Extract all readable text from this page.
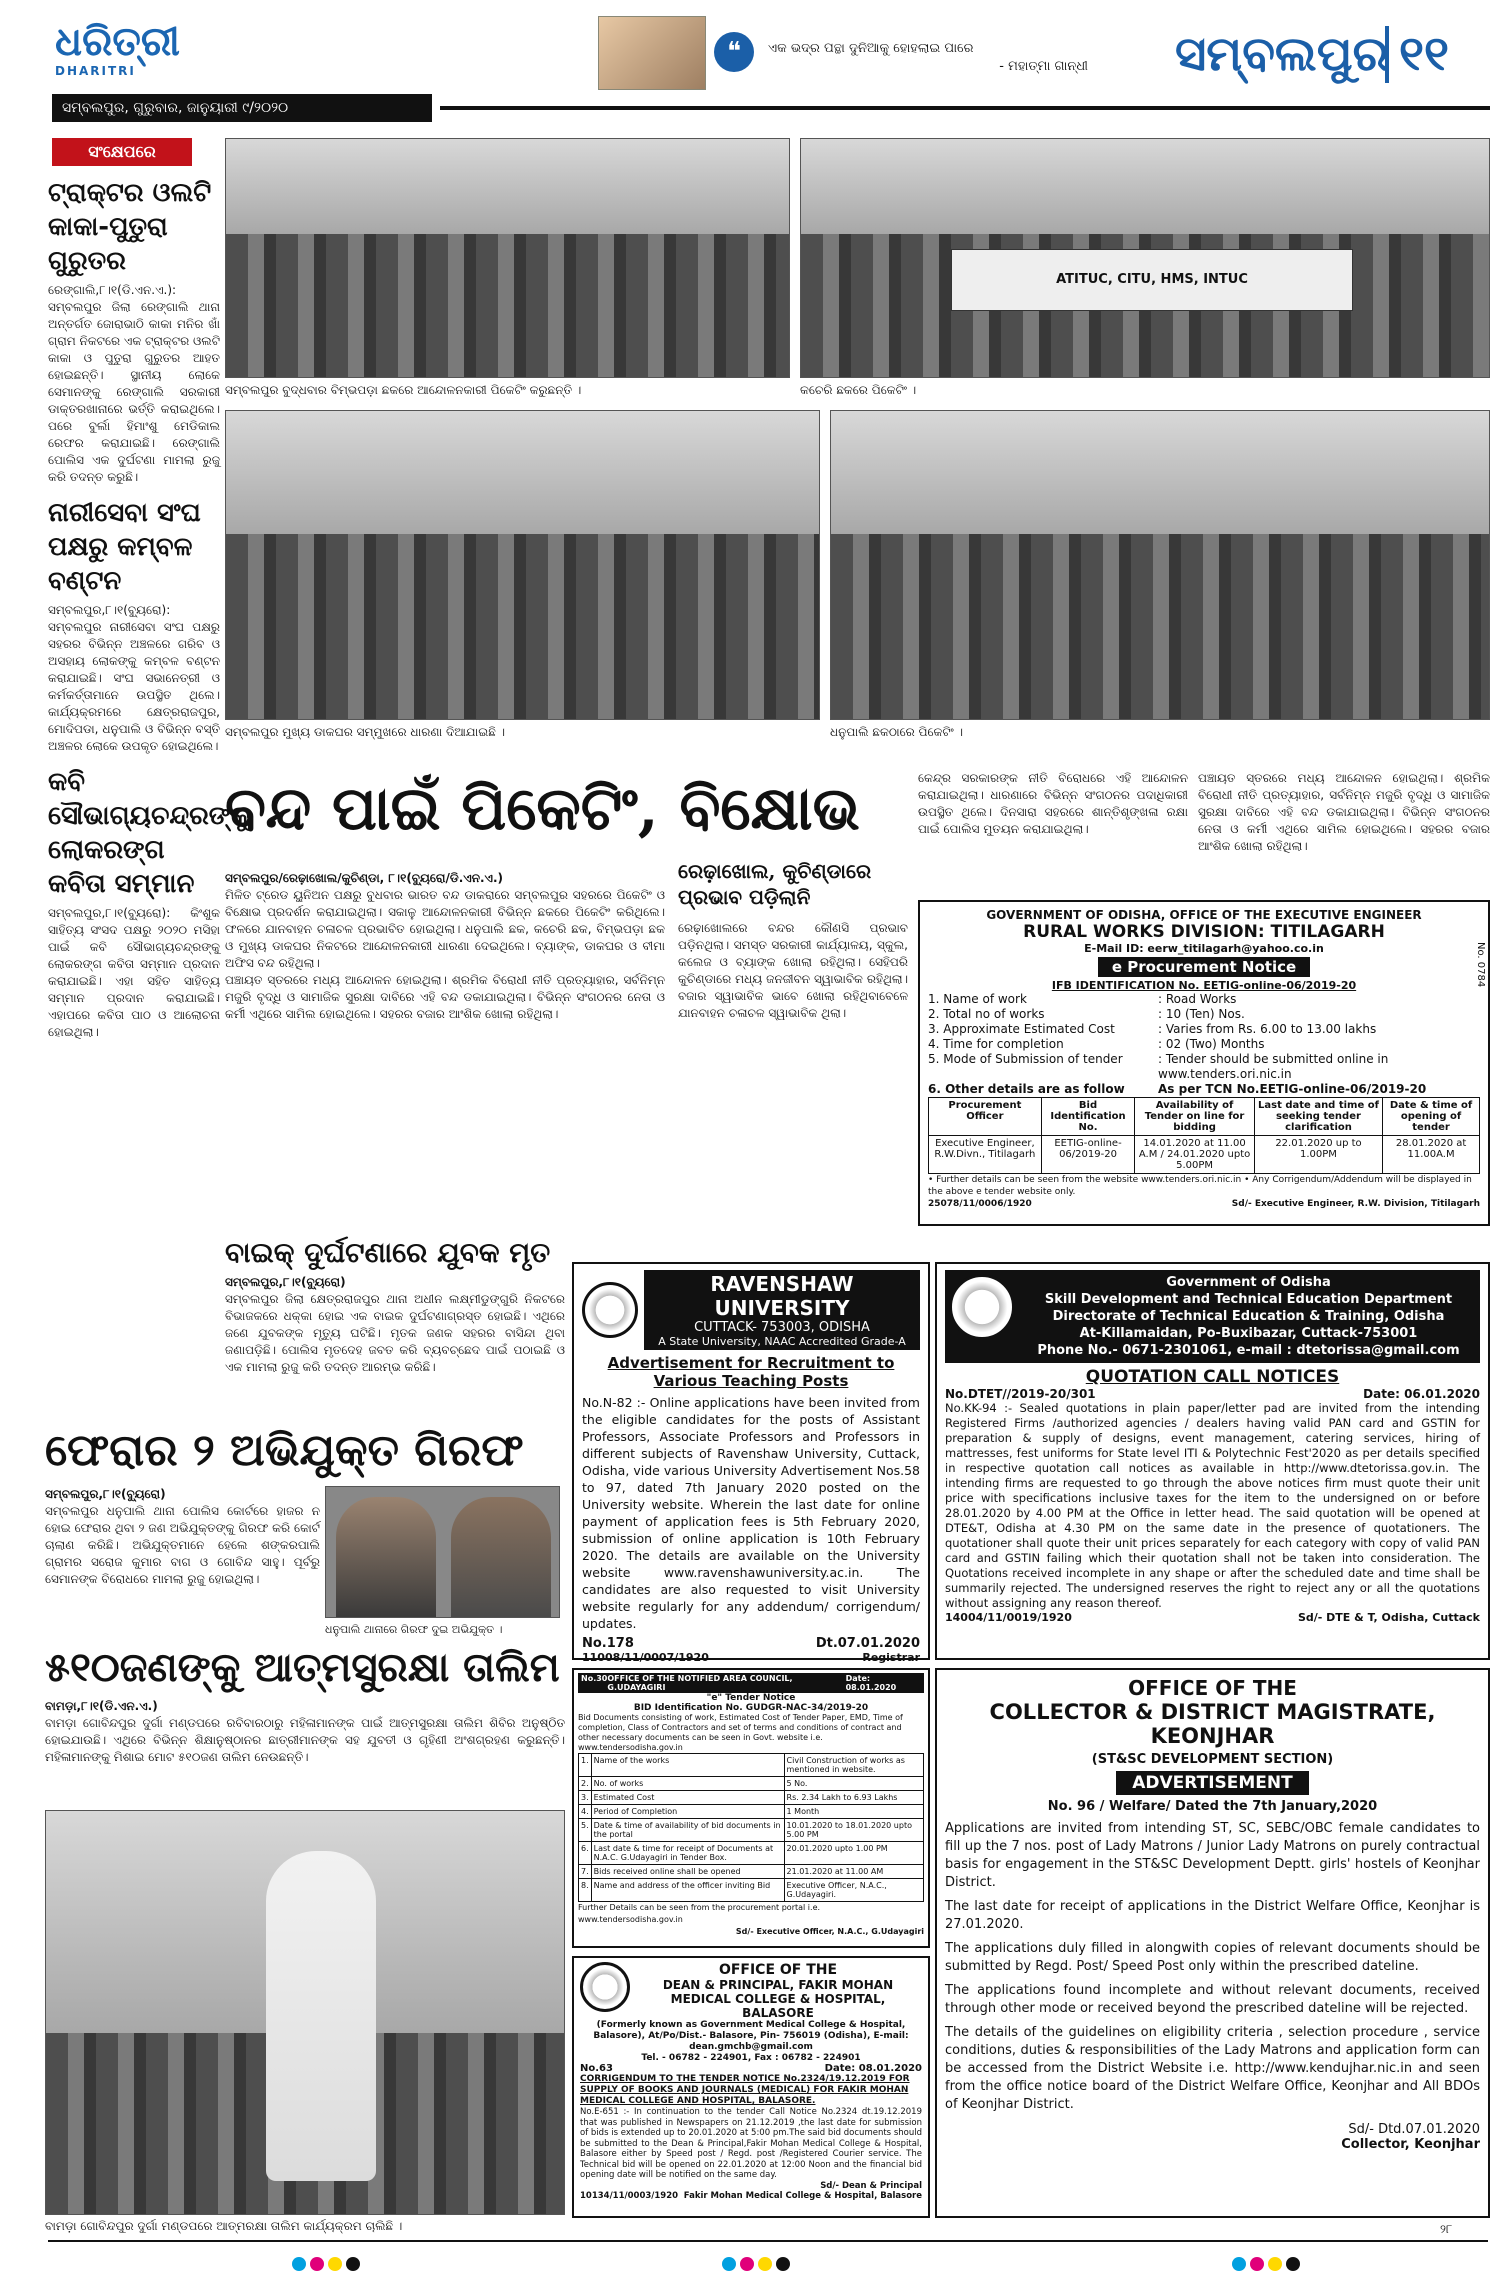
ଧରିତ୍ରୀ
DHARITRI
❝	ଏକ ଭଦ୍ର ପନ୍ଥା ଦୁନିଆକୁ ହୋହଲାଇ ପାରେ
- ମହାତ୍ମା ଗାନ୍ଧୀ	ସମ୍ବଲପୁର ୧୧
ସମ୍ବଲପୁର, ଗୁରୁବାର, ଜାନୁୟାରୀ ୯/୨୦୨୦
ସଂକ୍ଷେପରେ
ଟ୍ରାକ୍ଟର ଓଲଟି କାକା-ପୁତୁରା ଗୁରୁତର
ରେଙ୍ଗାଲି,୮।୧(ଡି.ଏନ.ଏ.): ସମ୍ବଲପୁର ଜିଲା ରେଙ୍ଗାଲି ଥାନା ଅନ୍ତର୍ଗତ ଜୋରାଭାଠି କାକା ମନିର ଖାଁ ଗ୍ରାମ ନିକଟରେ ଏକ ଟ୍ରାକ୍ଟର ଓଲଟି କାକା ଓ ପୁତୁରା ଗୁରୁତର ଆହତ ହୋଇଛନ୍ତି। ସ୍ଥାନୀୟ ଲୋକେ ସେମାନଙ୍କୁ ରେଙ୍ଗାଲି ସରକାରୀ ଡାକ୍ତରଖାନାରେ ଭର୍ତ୍ତି କରାଇଥିଲେ। ପରେ ବୁର୍ଲା ହିମାଂଶୁ ମେଡିକାଲ ରେଫର କରାଯାଇଛି। ରେଙ୍ଗାଲି ପୋଲିସ ଏକ ଦୁର୍ଘଟଣା ମାମଲା ରୁଜୁ କରି ତଦନ୍ତ କରୁଛି।
ନାରୀସେବା ସଂଘ ପକ୍ଷରୁ କମ୍ବଳ ବଣ୍ଟନ
ସମ୍ବଲପୁର,୮।୧(ବ୍ୟୁରୋ): ସମ୍ବଲପୁର ନାରୀସେବା ସଂଘ ପକ୍ଷରୁ ସହରର ବିଭିନ୍ନ ଅଞ୍ଚଳରେ ଗରିବ ଓ ଅସହାୟ ଲୋକଙ୍କୁ କମ୍ବଳ ବଣ୍ଟନ କରାଯାଇଛି। ସଂଘ ସଭାନେତ୍ରୀ ଓ କର୍ମକର୍ତ୍ତାମାନେ ଉପସ୍ଥିତ ଥିଲେ। କାର୍ଯ୍ୟକ୍ରମରେ କ୍ଷେତ୍ରରାଜପୁର, ମୋଦିପଡା, ଧନୁପାଲି ଓ ବିଭିନ୍ନ ବସ୍ତି ଅଞ୍ଚଳର ଲୋକେ ଉପକୃତ ହୋଇଥିଲେ।
କବି ସୌଭାଗ୍ୟଚନ୍ଦ୍ରଙ୍କୁ ଲୋକରଙ୍ଗ କବିତା ସମ୍ମାନ
ସମ୍ବଲପୁର,୮।୧(ବ୍ୟୁରୋ): କିଂଶୁକ ସାହିତ୍ୟ ସଂସଦ ପକ୍ଷରୁ ୨୦୨୦ ମସିହା ପାଇଁ କବି ସୌଭାଗ୍ୟଚନ୍ଦ୍ରଙ୍କୁ ଲୋକରଙ୍ଗ କବିତା ସମ୍ମାନ ପ୍ରଦାନ କରାଯାଇଛି। ଏହା ସହିତ ସାହିତ୍ୟ ସମ୍ମାନ ପ୍ରଦାନ କରାଯାଇଛି। ଏହାପରେ କବିତା ପାଠ ଓ ଆଲୋଚନା ହୋଇଥିଲା।
ସମ୍ବଲପୁର ବୁଦ୍ଧବାର ବିମ୍ଭପଡ଼ା ଛକରେ ଆନ୍ଦୋଳନକାରୀ ପିକେଟିଂ କରୁଛନ୍ତି ।
ATITUC, CITU, HMS, INTUC
କଚେରି ଛକରେ ପିକେଟିଂ ।
ସମ୍ବଲପୁର ମୁଖ୍ୟ ଡାକଘର ସମ୍ମୁଖରେ ଧାରଣା ଦିଆଯାଇଛି ।	ଧନୁପାଲି ଛକଠାରେ ପିକେଟିଂ ।
ବନ୍ଦ ପାଇଁ ପିକେଟିଂ, ବିକ୍ଷୋଭ
ରେଢ଼ାଖୋଲ, କୁଚିଣ୍ଡାରେ ପ୍ରଭାବ ପଡ଼ିଲାନି
ସମ୍ବଲପୁର/ରେଢ଼ାଖୋଲ/କୁଚିଣ୍ଡା, ୮।୧(ବ୍ୟୁରୋ/ଡି.ଏନ.ଏ.)
ମିଳିତ ଟ୍ରେଡ ୟୁନିଅନ ପକ୍ଷରୁ ବୁଧବାର ଭାରତ ବନ୍ଦ ଡାକରାରେ ସମ୍ବଲପୁର ସହରରେ ପିକେଟିଂ ଓ ବିକ୍ଷୋଭ ପ୍ରଦର୍ଶନ କରାଯାଇଥିଲା। ସକାଳୁ ଆନ୍ଦୋଳନକାରୀ ବିଭିନ୍ନ ଛକରେ ପିକେଟିଂ କରିଥିଲେ। ଫଳରେ ଯାନବାହନ ଚଳାଚଳ ପ୍ରଭାବିତ ହୋଇଥିଲା। ଧନୁପାଲି ଛକ, କଚେରି ଛକ, ବିମ୍ଭପଡ଼ା ଛକ ଓ ମୁଖ୍ୟ ଡାକଘର ନିକଟରେ ଆନ୍ଦୋଳନକାରୀ ଧାରଣା ଦେଇଥିଲେ। ବ୍ୟାଙ୍କ, ଡାକଘର ଓ ବୀମା ଅଫିସ ବନ୍ଦ ରହିଥିଲା।
ପଞ୍ଚାୟତ ସ୍ତରରେ ମଧ୍ୟ ଆନ୍ଦୋଳନ ହୋଇଥିଲା। ଶ୍ରମିକ ବିରୋଧୀ ନୀତି ପ୍ରତ୍ୟାହାର, ସର୍ବନିମ୍ନ ମଜୁରି ବୃଦ୍ଧି ଓ ସାମାଜିକ ସୁରକ୍ଷା ଦାବିରେ ଏହି ବନ୍ଦ ଡକାଯାଇଥିଲା। ବିଭିନ୍ନ ସଂଗଠନର ନେତା ଓ କର୍ମୀ ଏଥିରେ ସାମିଲ ହୋଇଥିଲେ। ସହରର ବଜାର ଆଂଶିକ ଖୋଲା ରହିଥିଲା।
ରେଢ଼ାଖୋଲରେ ବନ୍ଦର କୌଣସି ପ୍ରଭାବ ପଡ଼ିନଥିଲା। ସମସ୍ତ ସରକାରୀ କାର୍ଯ୍ୟାଳୟ, ସ୍କୁଲ, କଲେଜ ଓ ବ୍ୟାଙ୍କ ଖୋଲା ରହିଥିଲା। ସେହିପରି କୁଚିଣ୍ଡାରେ ମଧ୍ୟ ଜନଜୀବନ ସ୍ୱାଭାବିକ ରହିଥିଲା। ବଜାର ସ୍ୱାଭାବିକ ଭାବେ ଖୋଲା ରହିଥିବାବେଳେ ଯାନବାହନ ଚଳାଚଳ ସ୍ୱାଭାବିକ ଥିଲା।
କେନ୍ଦ୍ର ସରକାରଙ୍କ ନୀତି ବିରୋଧରେ ଏହି ଆନ୍ଦୋଳନ କରାଯାଇଥିଲା। ଧାରଣାରେ ବିଭିନ୍ନ ସଂଗଠନର ପଦାଧିକାରୀ ଉପସ୍ଥିତ ଥିଲେ। ଦିନସାରା ସହରରେ ଶାନ୍ତିଶୃଙ୍ଖଳା ରକ୍ଷା ପାଇଁ ପୋଲିସ ମୁତୟନ କରାଯାଇଥିଲା।
ପଞ୍ଚାୟତ ସ୍ତରରେ ମଧ୍ୟ ଆନ୍ଦୋଳନ ହୋଇଥିଲା। ଶ୍ରମିକ ବିରୋଧୀ ନୀତି ପ୍ରତ୍ୟାହାର, ସର୍ବନିମ୍ନ ମଜୁରି ବୃଦ୍ଧି ଓ ସାମାଜିକ ସୁରକ୍ଷା ଦାବିରେ ଏହି ବନ୍ଦ ଡକାଯାଇଥିଲା। ବିଭିନ୍ନ ସଂଗଠନର ନେତା ଓ କର୍ମୀ ଏଥିରେ ସାମିଲ ହୋଇଥିଲେ। ସହରର ବଜାର ଆଂଶିକ ଖୋଲା ରହିଥିଲା।
GOVERNMENT OF ODISHA, OFFICE OF THE EXECUTIVE ENGINEER
RURAL WORKS DIVISION: TITILAGARH
E-Mail ID: eerw_titilagarh@yahoo.co.in
e Procurement Notice
IFB IDENTIFICATION No. EETIG-online-06/2019-20
1. Name of work	: Road Works
2. Total no of works	: 10 (Ten) Nos.
3. Approximate Estimated Cost	: Varies from Rs. 6.00 to 13.00 lakhs
4. Time for completion	: 02 (Two) Months
5. Mode of Submission of tender	: Tender should be submitted online in www.tenders.ori.nic.in
6. Other details are as follow	As per TCN No.EETIG-online-06/2019-20
Procurement Officer	Bid Identification No.	Availability of Tender on line for bidding	Last date and time of seeking tender clarification	Date & time of opening of tender
Executive Engineer, R.W.Divn., Titilagarh	EETIG-online-06/2019-20	14.01.2020 at 11.00 A.M / 24.01.2020 upto 5.00PM	22.01.2020 up to 1.00PM	28.01.2020 at 11.00A.M
• Further details can be seen from the website www.tenders.ori.nic.in • Any Corrigendum/Addendum will be displayed in the above e tender website only.
25078/11/0006/1920	Sd/- Executive Engineer, R.W. Division, Titilagarh
No. 0784
ବାଇକ୍ ଦୁର୍ଘଟଣାରେ ଯୁବକ ମୃତ
ସମ୍ବଲପୁର,୮।୧(ବ୍ୟୁରୋ)
ସମ୍ବଲପୁର ଜିଲା କ୍ଷେତ୍ରରାଜପୁର ଥାନା ଅଧୀନ ଲକ୍ଷ୍ମୀଡୁଙ୍ଗୁରି ନିକଟରେ ବିଭାଜକରେ ଧକ୍କା ହୋଇ ଏକ ବାଇକ ଦୁର୍ଘଟଣାଗ୍ରସ୍ତ ହୋଇଛି। ଏଥିରେ ଜଣେ ଯୁବକଙ୍କ ମୃତ୍ୟୁ ଘଟିଛି। ମୃତକ ଜଣକ ସହରର ବାସିନ୍ଦା ଥିବା ଜଣାପଡ଼ିଛି। ପୋଲିସ ମୃତଦେହ ଜବତ କରି ବ୍ୟବଚ୍ଛେଦ ପାଇଁ ପଠାଇଛି ଓ ଏକ ମାମଲା ରୁଜୁ କରି ତଦନ୍ତ ଆରମ୍ଭ କରିଛି।
RAVENSHAW UNIVERSITY
CUTTACK- 753003, ODISHA
A State University, NAAC Accredited Grade-A
Advertisement for Recruitment to Various Teaching Posts
No.N-82 :- Online applications have been invited from the eligible candidates for the posts of Assistant Professors, Associate Professors and Professors in different subjects of Ravenshaw University, Cuttack, Odisha, vide various University Advertisement Nos.58 to 97, dated 7th January 2020 posted on the University website. Wherein the last date for online payment of application fees is 5th February 2020, submission of online application is 10th February 2020. The details are available on the University website www.ravenshawuniversity.ac.in. The candidates are also requested to visit University website regularly for any addendum/ corrigendum/ updates.
No.178	Dt.07.01.2020
11008/11/0007/1920	Registrar
Government of Odisha
Skill Development and Technical Education Department
Directorate of Technical Education & Training, Odisha
At-Killamaidan, Po-Buxibazar, Cuttack-753001
Phone No.- 0671-2301061, e-mail : dtetorissa@gmail.com
QUOTATION CALL NOTICES
No.DTET//2019-20/301	Date: 06.01.2020
No.KK-94 :- Sealed quotations in plain paper/letter pad are invited from the intending Registered Firms /authorized agencies / dealers having valid PAN card and GSTIN for preparation & supply of designs, event management, catering services, hiring of mattresses, fest uniforms for State level ITI & Polytechnic Fest'2020 as per details specified in respective quotation call notices as available in http://www.dtetorissa.gov.in. The intending firms are requested to go through the above notices firm must quote their unit price with specifications inclusive taxes for the item to the undersigned on or before 28.01.2020 by 4.00 PM at the Office in letter head. The said quotation will be opened at DTE&T, Odisha at 4.30 PM on the same date in the presence of quotationers. The quotationer shall quote their unit prices separately for each category with copy of valid PAN card and GSTIN failing which their quotation shall not be taken into consideration. The Quotations received incomplete in any shape or after the scheduled date and time shall be summarily rejected. The undersigned reserves the right to reject any or all the quotations without assigning any reason thereof.
14004/11/0019/1920	Sd/- DTE & T, Odisha, Cuttack
ଫେରାର ୨ ଅଭିଯୁକ୍ତ ଗିରଫ
ସମ୍ବଲପୁର,୮।୧(ବ୍ୟୁରୋ)
ସମ୍ବଲପୁର ଧନୁପାଲି ଥାନା ପୋଲିସ କୋର୍ଟରେ ହାଜର ନ ହୋଇ ଫେରାର ଥିବା ୨ ଜଣ ଅଭିଯୁକ୍ତଙ୍କୁ ଗିରଫ କରି କୋର୍ଟ ଚାଲାଣ କରିଛି। ଅଭିଯୁକ୍ତମାନେ ହେଲେ ଶଙ୍କରପାଲି ଗ୍ରାମର ସରୋଜ କୁମାର ବାଗ ଓ ଗୋବିନ୍ଦ ସାହୁ। ପୂର୍ବରୁ ସେମାନଙ୍କ ବିରୋଧରେ ମାମଲା ରୁଜୁ ହୋଇଥିଲା।
ଧନୁପାଲି ଥାନାରେ ଗିରଫ ଦୁଇ ଅଭିଯୁକ୍ତ ।
୫୧୦ଜଣଙ୍କୁ ଆତ୍ମସୁରକ୍ଷା ତାଲିମ
ବାମଡ଼ା,୮।୧(ଡି.ଏନ.ଏ.)
ବାମଡ଼ା ଗୋବିନ୍ଦପୁର ଦୁର୍ଗା ମଣ୍ଡପରେ ରବିବାରଠାରୁ ମହିଳାମାନଙ୍କ ପାଇଁ ଆତ୍ମସୁରକ୍ଷା ତାଲିମ ଶିବିର ଅନୁଷ୍ଠିତ ହୋଇଯାଉଛି। ଏଥିରେ ବିଭିନ୍ନ ଶିକ୍ଷାନୁଷ୍ଠାନର ଛାତ୍ରୀମାନଙ୍କ ସହ ଯୁବତୀ ଓ ଗୃହିଣୀ ଅଂଶଗ୍ରହଣ କରୁଛନ୍ତି। ମହିଳାମାନଙ୍କୁ ମିଶାଇ ମୋଟ ୫୧୦ଜଣ ତାଲିମ ନେଉଛନ୍ତି।
ବାମଡ଼ା ଗୋବିନ୍ଦପୁର ଦୁର୍ଗା ମଣ୍ଡପରେ ଆତ୍ମରକ୍ଷା ତାଲିମ କାର୍ଯ୍ୟକ୍ରମ ଚାଲିଛି ।
No.30 OFFICE OF THE NOTIFIED AREA COUNCIL, G.UDAYAGIRI
Date: 08.01.2020
"e" Tender Notice
BID Identification No. GUDGR-NAC-34/2019-20
Bid Documents consisting of work, Estimated Cost of Tender Paper, EMD, Time of completion, Class of Contractors and set of terms and conditions of contract and other necessary documents can be seen in Govt. website i.e. www.tendersodisha.gov.in
1.	Name of the works	Civil Construction of works as mentioned in website.
2.	No. of works	5 No.
3.	Estimated Cost	Rs. 2.34 Lakh to 6.93 Lakhs
4.	Period of Completion	1 Month
5.	Date & time of availability of bid documents in the portal	10.01.2020 to 18.01.2020 upto 5.00 PM
6.	Last date & time for receipt of Documents at N.A.C. G.Udayagiri in Tender Box.	20.01.2020 upto 1.00 PM
7.	Bids received online shall be opened	21.01.2020 at 11.00 AM
8.	Name and address of the officer inviting Bid	Executive Officer, N.A.C., G.Udayagiri.
Further Details can be seen from the procurement portal i.e. www.tendersodisha.gov.in
Sd/- Executive Officer, N.A.C., G.Udayagiri
OFFICE OF THE
DEAN & PRINCIPAL, FAKIR MOHAN MEDICAL COLLEGE & HOSPITAL, BALASORE
(Formerly known as Government Medical College & Hospital, Balasore), At/Po/Dist.- Balasore, Pin- 756019 (Odisha), E-mail: dean.gmchb@gmail.com
Tel. - 06782 - 224901, Fax : 06782 - 224901
No.63	Date: 08.01.2020
CORRIGENDUM TO THE TENDER NOTICE No.2324/19.12.2019 FOR SUPPLY OF BOOKS AND JOURNALS (MEDICAL) FOR FAKIR MOHAN MEDICAL COLLEGE AND HOSPITAL, BALASORE.
No.E-651 :- In continuation to the tender Call Notice No.2324 dt.19.12.2019 that was published in Newspapers on 21.12.2019 ,the last date for submission of bids is extended up to 20.01.2020 at 5:00 pm.The said bid documents should be submitted to the Dean & Principal,Fakir Mohan Medical College & Hospital, Balasore either by Speed post / Regd. post /Registered Courier service. The Technical bid will be opened on 22.01.2020 at 12:00 Noon and the financial bid opening date will be notified on the same day.
Sd/- Dean & Principal
10134/11/0003/1920 Fakir Mohan Medical College & Hospital, Balasore
OFFICE OF THE
COLLECTOR & DISTRICT MAGISTRATE, KEONJHAR
(ST&SC DEVELOPMENT SECTION)
ADVERTISEMENT
No. 96 / Welfare/ Dated the 7th January,2020
Applications are invited from intending ST, SC, SEBC/OBC female candidates to fill up the 7 nos. post of Lady Matrons / Junior Lady Matrons on purely contractual basis for engagement in the ST&SC Development Deptt. girls' hostels of Keonjhar District.
The last date for receipt of applications in the District Welfare Office, Keonjhar is 27.01.2020.
The applications duly filled in alongwith copies of relevant documents should be submitted by Regd. Post/ Speed Post only within the prescribed dateline.
The applications found incomplete and without relevant documents, received through other mode or received beyond the prescribed dateline will be rejected.
The details of the guidelines on eligibility criteria , selection procedure , service conditions, duties & responsibilities of the Lady Matrons and application form can be accessed from the District Website i.e. http://www.kendujhar.nic.in and seen from the office notice board of the District Welfare Office, Keonjhar and All BDOs of Keonjhar District.
Sd/- Dtd.07.01.2020
Collector, Keonjhar
୨୮
